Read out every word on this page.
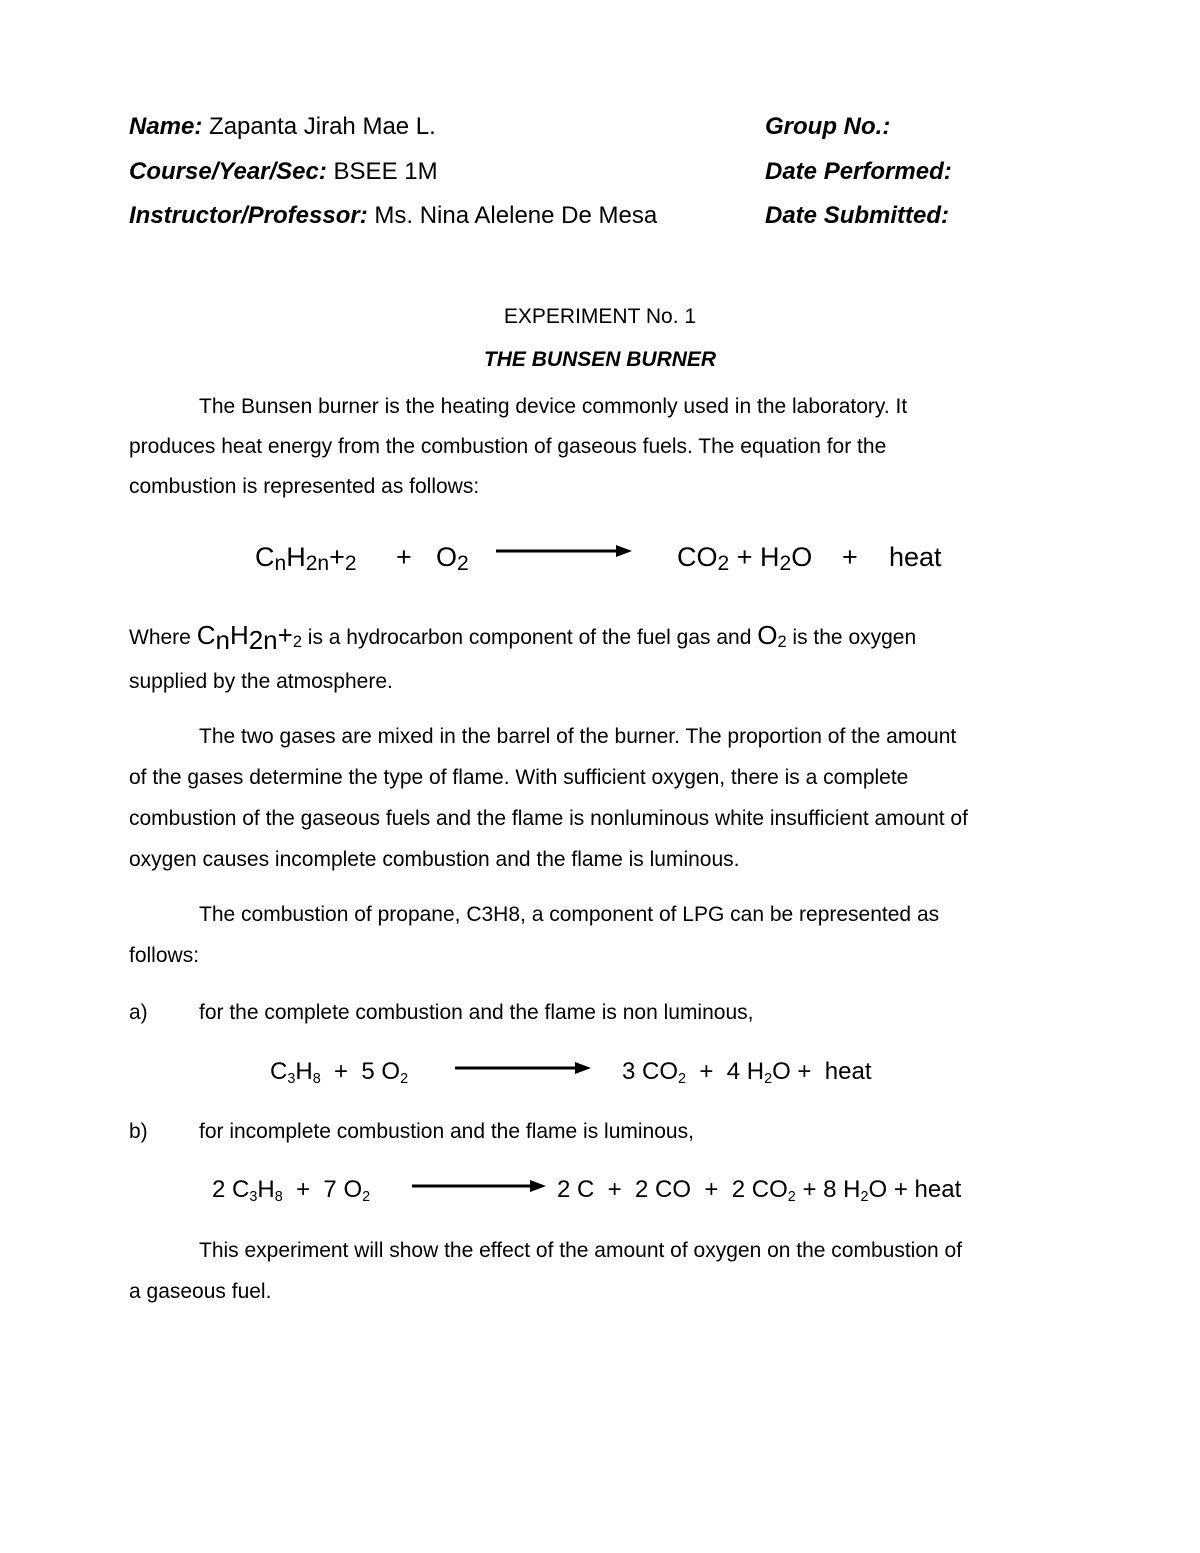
Name: Zapanta Jirah Mae L.
Course/Year/Sec: BSEE 1M
Instructor/Professor: Ms. Nina Alelene De Mesa
Group No.:
Date Performed:
Date Submitted:
EXPERIMENT No. 1
THE BUNSEN BURNER
The Bunsen burner is the heating device commonly used in the laboratory. It
produces heat energy from the combustion of gaseous fuels. The equation for the
combustion is represented as follows:
CnH2n+2 + O2	CO2 + H2O + heat
Where CnH2n+2 is a hydrocarbon component of the fuel gas and O2 is the oxygen
supplied by the atmosphere.
The two gases are mixed in the barrel of the burner. The proportion of the amount
of the gases determine the type of flame. With sufficient oxygen, there is a complete
combustion of the gaseous fuels and the flame is nonluminous white insufficient amount of
oxygen causes incomplete combustion and the flame is luminous.
The combustion of propane, C3H8, a component of LPG can be represented as
follows:
a) for the complete combustion and the flame is non luminous,
C3H8  +  5 O2	3 CO2  +  4 H2O +  heat
b) for incomplete combustion and the flame is luminous,
2 C3H8  +  7 O2	2 C  +  2 CO  +  2 CO2 + 8 H2O + heat
This experiment will show the effect of the amount of oxygen on the combustion of
a gaseous fuel.
